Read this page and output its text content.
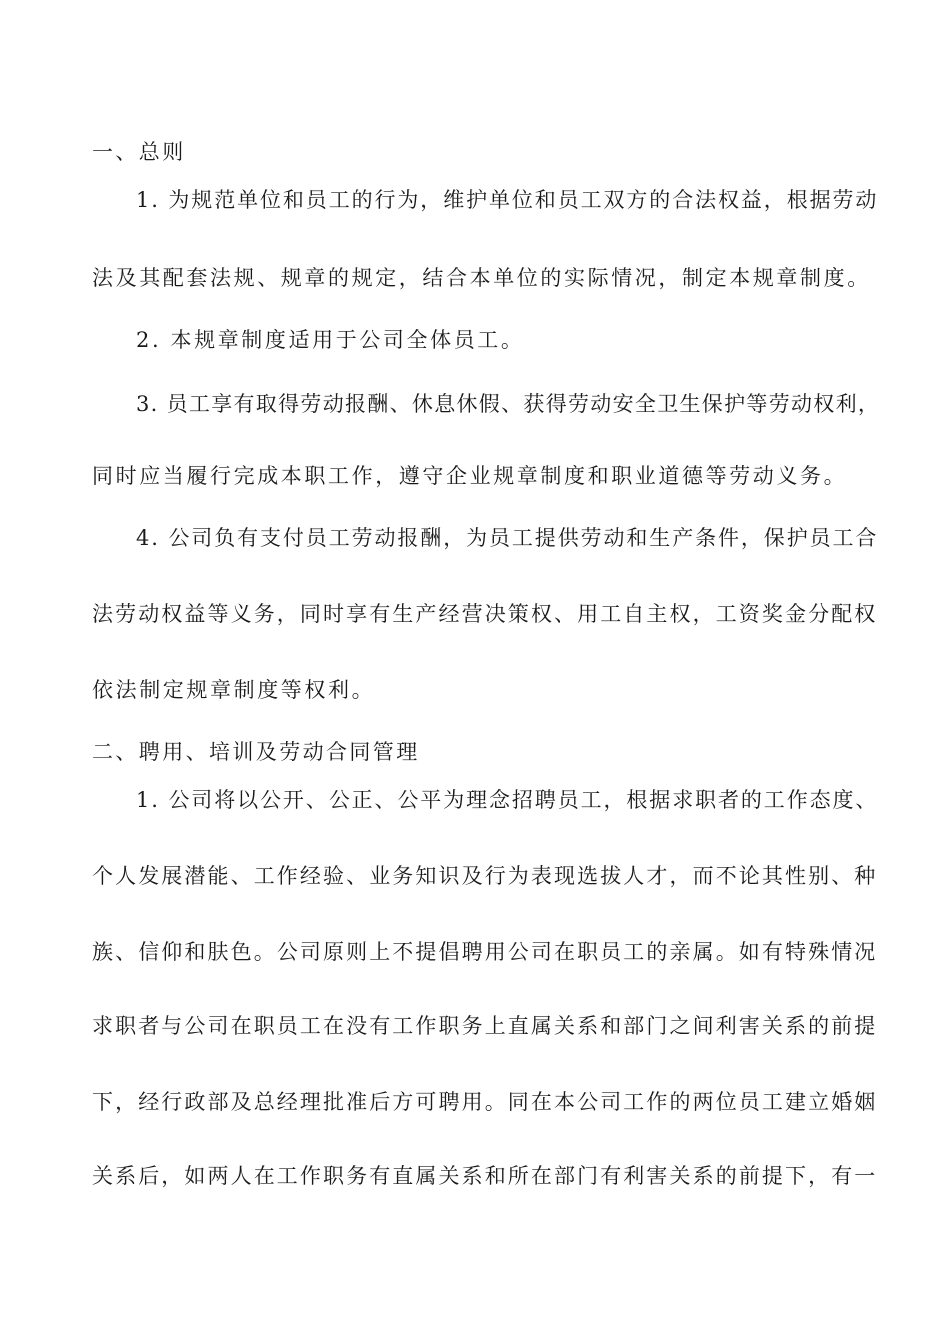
一、总则
1. 为规范单位和员工的行为，维护单位和员工双方的合法权益，根据劳动
法及其配套法规、规章的规定，结合本单位的实际情况，制定本规章制度。
2. 本规章制度适用于公司全体员工。
3. 员工享有取得劳动报酬、休息休假、获得劳动安全卫生保护等劳动权利，
同时应当履行完成本职工作，遵守企业规章制度和职业道德等劳动义务。
4. 公司负有支付员工劳动报酬，为员工提供劳动和生产条件，保护员工合
法劳动权益等义务，同时享有生产经营决策权、用工自主权，工资奖金分配权
依法制定规章制度等权利。
二、聘用、培训及劳动合同管理
1. 公司将以公开、公正、公平为理念招聘员工，根据求职者的工作态度、
个人发展潜能、工作经验、业务知识及行为表现选拔人才，而不论其性别、种
族、信仰和肤色。公司原则上不提倡聘用公司在职员工的亲属。如有特殊情况
求职者与公司在职员工在没有工作职务上直属关系和部门之间利害关系的前提
下，经行政部及总经理批准后方可聘用。同在本公司工作的两位员工建立婚姻
关系后，如两人在工作职务有直属关系和所在部门有利害关系的前提下，有一
